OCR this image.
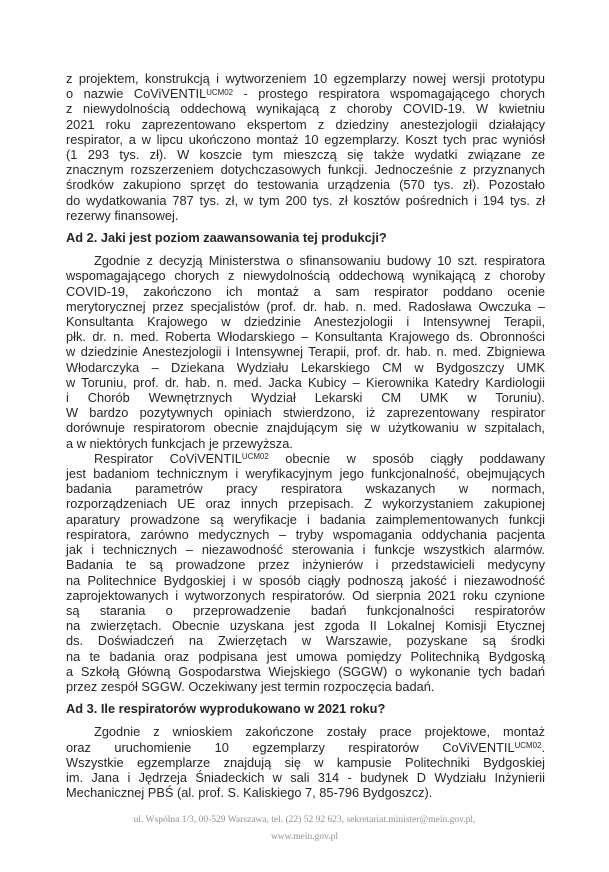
z projektem, konstrukcją i wytworzeniem 10 egzemplarzy nowej wersji prototypu
o nazwie CoViVENTIL$^{UCM02}$ - prostego respiratora wspomagającego chorych
z niewydolnością oddechową wynikającą z choroby COVID-19. W kwietniu
2021 roku zaprezentowano ekspertom z dziedziny anestezjologii działający
respirator, a w lipcu ukończono montaż 10 egzemplarzy. Koszt tych prac wyniósł
(1 293 tys. zł). W koszcie tym mieszczą się także wydatki związane ze
znacznym rozszerzeniem dotychczasowych funkcji. Jednocześnie z przyznanych
środków zakupiono sprzęt do testowania urządzenia (570 tys. zł). Pozostało
do wydatkowania 787 tys. zł, w tym 200 tys. zł kosztów pośrednich i 194 tys. zł
rezerwy finansowej.
Ad 2. Jaki jest poziom zaawansowania tej produkcji?
Zgodnie z decyzją Ministerstwa o sfinansowaniu budowy 10 szt. respiratora
wspomagającego chorych z niewydolnością oddechową wynikającą z choroby
COVID-19, zakończono ich montaż a sam respirator poddano ocenie
merytorycznej przez specjalistów (prof. dr. hab. n. med. Radosława Owczuka –
Konsultanta Krajowego w dziedzinie Anestezjologii i Intensywnej Terapii,
płk. dr. n. med. Roberta Włodarskiego – Konsultanta Krajowego ds. Obronności
w dziedzinie Anestezjologii i Intensywnej Terapii, prof. dr. hab. n. med. Zbigniewa
Włodarczyka – Dziekana Wydziału Lekarskiego CM w Bydgoszczy UMK
w Toruniu, prof. dr. hab. n. med. Jacka Kubicy – Kierownika Katedry Kardiologii
i Chorób Wewnętrznych Wydział Lekarski CM UMK w Toruniu).
W bardzo pozytywnych opiniach stwierdzono, iż zaprezentowany respirator
dorównuje respiratorom obecnie znajdującym się w użytkowaniu w szpitalach,
a w niektórych funkcjach je przewyższa.
Respirator CoViVENTIL$^{UCM02}$ obecnie w sposób ciągły poddawany
jest badaniom technicznym i weryfikacyjnym jego funkcjonalność, obejmujących
badania parametrów pracy respiratora wskazanych w normach,
rozporządzeniach UE oraz innych przepisach. Z wykorzystaniem zakupionej
aparatury prowadzone są weryfikacje i badania zaimplementowanych funkcji
respiratora, zarówno medycznych – tryby wspomagania oddychania pacjenta
jak i technicznych – niezawodność sterowania i funkcje wszystkich alarmów.
Badania te są prowadzone przez inżynierów i przedstawicieli medycyny
na Politechnice Bydgoskiej i w sposób ciągły podnoszą jakość i niezawodność
zaprojektowanych i wytworzonych respiratorów. Od sierpnia 2021 roku czynione
są starania o przeprowadzenie badań funkcjonalności respiratorów
na zwierzętach. Obecnie uzyskana jest zgoda II Lokalnej Komisji Etycznej
ds. Doświadczeń na Zwierzętach w Warszawie, pozyskane są środki
na te badania oraz podpisana jest umowa pomiędzy Politechniką Bydgoską
a Szkołą Główną Gospodarstwa Wiejskiego (SGGW) o wykonanie tych badań
przez zespół SGGW. Oczekiwany jest termin rozpoczęcia badań.
Ad 3. Ile respiratorów wyprodukowano w 2021 roku?
Zgodnie z wnioskiem zakończone zostały prace projektowe, montaż
oraz uruchomienie 10 egzemplarzy respiratorów CoViVENTIL$^{UCM02}$.
Wszystkie egzemplarze znajdują się w kampusie Politechniki Bydgoskiej
im. Jana i Jędrzeja Śniadeckich w sali 314 - budynek D Wydziału Inżynierii
Mechanicznej PBŚ (al. prof. S. Kaliskiego 7, 85-796 Bydgoszcz).
ul. Wspólna 1/3, 00-529 Warszawa, tel. (22) 52 92 623, sekretariat.minister@mein.gov.pl,
www.mein.gov.pl
